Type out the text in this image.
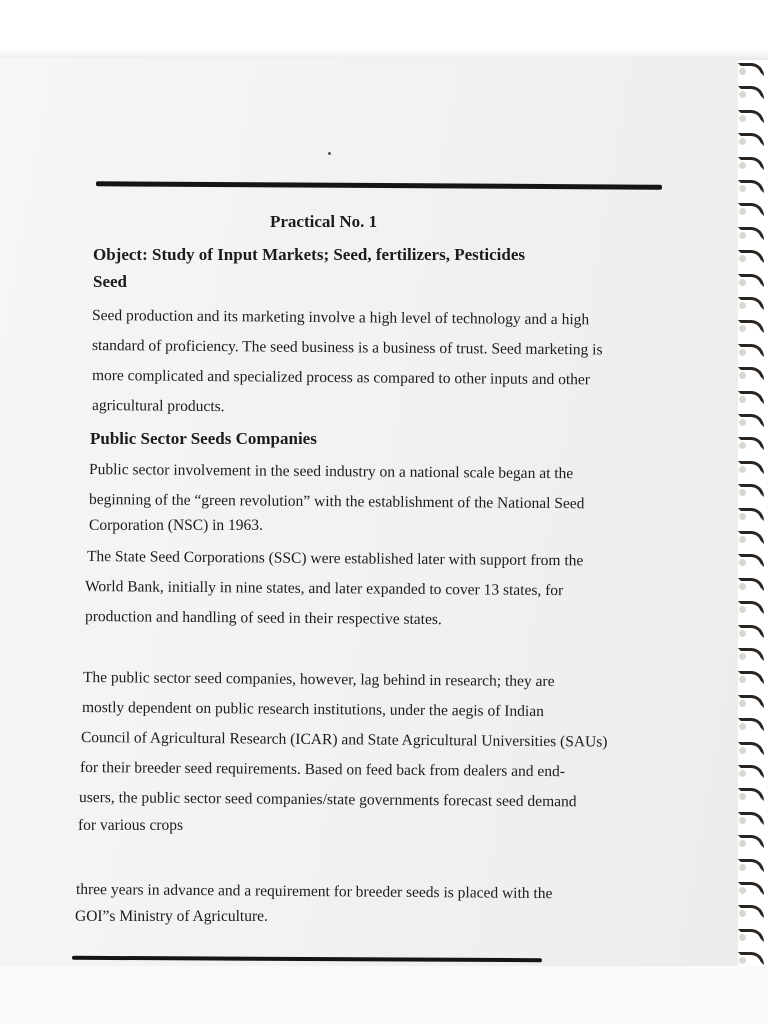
Practical No. 1
Object: Study of Input Markets; Seed, fertilizers, Pesticides
Seed
Seed production and its marketing involve a high level of technology and a high
standard of proficiency. The seed business is a business of trust. Seed marketing is
more complicated and specialized process as compared to other inputs and other
agricultural products.
Public Sector Seeds Companies
Public sector involvement in the seed industry on a national scale began at the
beginning of the “green revolution” with the establishment of the National Seed
Corporation (NSC) in 1963.
The State Seed Corporations (SSC) were established later with support from the
World Bank, initially in nine states, and later expanded to cover 13 states, for
production and handling of seed in their respective states.
The public sector seed companies, however, lag behind in research; they are
mostly dependent on public research institutions, under the aegis of Indian
Council of Agricultural Research (ICAR) and State Agricultural Universities (SAUs)
for their breeder seed requirements. Based on feed back from dealers and end-
users, the public sector seed companies/state governments forecast seed demand
for various crops
three years in advance and a requirement for breeder seeds is placed with the
GOI”s Ministry of Agriculture.
